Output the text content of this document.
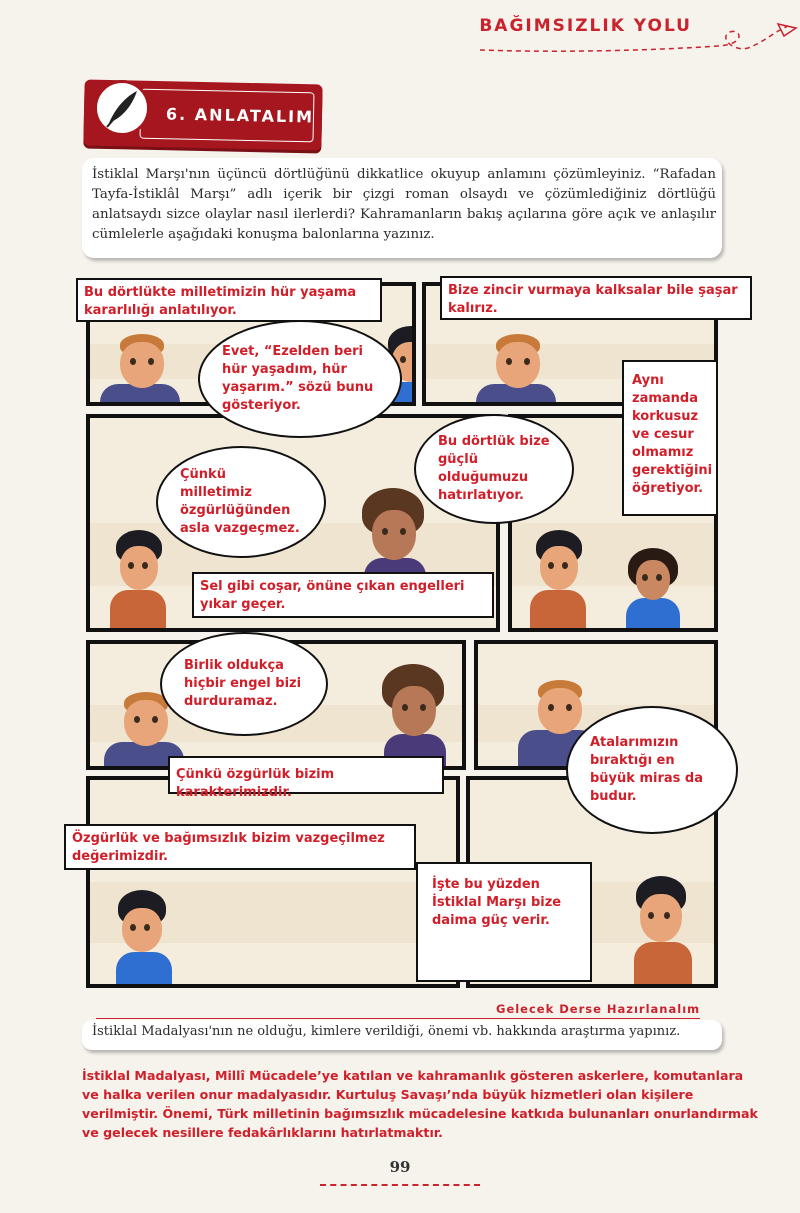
BAĞIMSIZLIK YOLU
6. ANLATALIM
İstiklal Marşı'nın üçüncü dörtlüğünü dikkatlice okuyup anlamını çözümleyiniz. “Rafadan Tayfa-İstiklâl Marşı” adlı içerik bir çizgi roman olsaydı ve çözümlediğiniz dörtlüğü anlatsaydı sizce olaylar nasıl ilerlerdi? Kahramanların bakış açılarına göre açık ve anlaşılır cümlelerle aşağıdaki konuşma balonlarına yazınız.
Bu dörtlükte milletimizin hür yaşama kararlılığı anlatılıyor.
Evet, “Ezelden beri hür yaşadım, hür yaşarım.” sözü bunu gösteriyor.
Bize zincir vurmaya kalksalar bile şaşar kalırız.
Aynı zamanda korkusuz ve cesur olmamız gerektiğini öğretiyor.
Bu dörtlük bize güçlü olduğumuzu hatırlatıyor.
Çünkü milletimiz özgürlüğünden asla vazgeçmez.
Sel gibi coşar, önüne çıkan engelleri yıkar geçer.
Birlik oldukça hiçbir engel bizi durduramaz.
Çünkü özgürlük bizim karakterimizdir.
Atalarımızın bıraktığı en büyük miras da budur.
Özgürlük ve bağımsızlık bizim vazgeçilmez değerimizdir.
İşte bu yüzden İstiklal Marşı bize daima güç verir.
Gelecek Derse Hazırlanalım
İstiklal Madalyası'nın ne olduğu, kimlere verildiği, önemi vb. hakkında araştırma yapınız.
İstiklal Madalyası, Millî Mücadele’ye katılan ve kahramanlık gösteren askerlere, komutanlara ve halka verilen onur madalyasıdır. Kurtuluş Savaşı’nda büyük hizmetleri olan kişilere verilmiştir. Önemi, Türk milletinin bağımsızlık mücadelesine katkıda bulunanları onurlandırmak ve gelecek nesillere fedakârlıklarını hatırlatmaktır.
99
